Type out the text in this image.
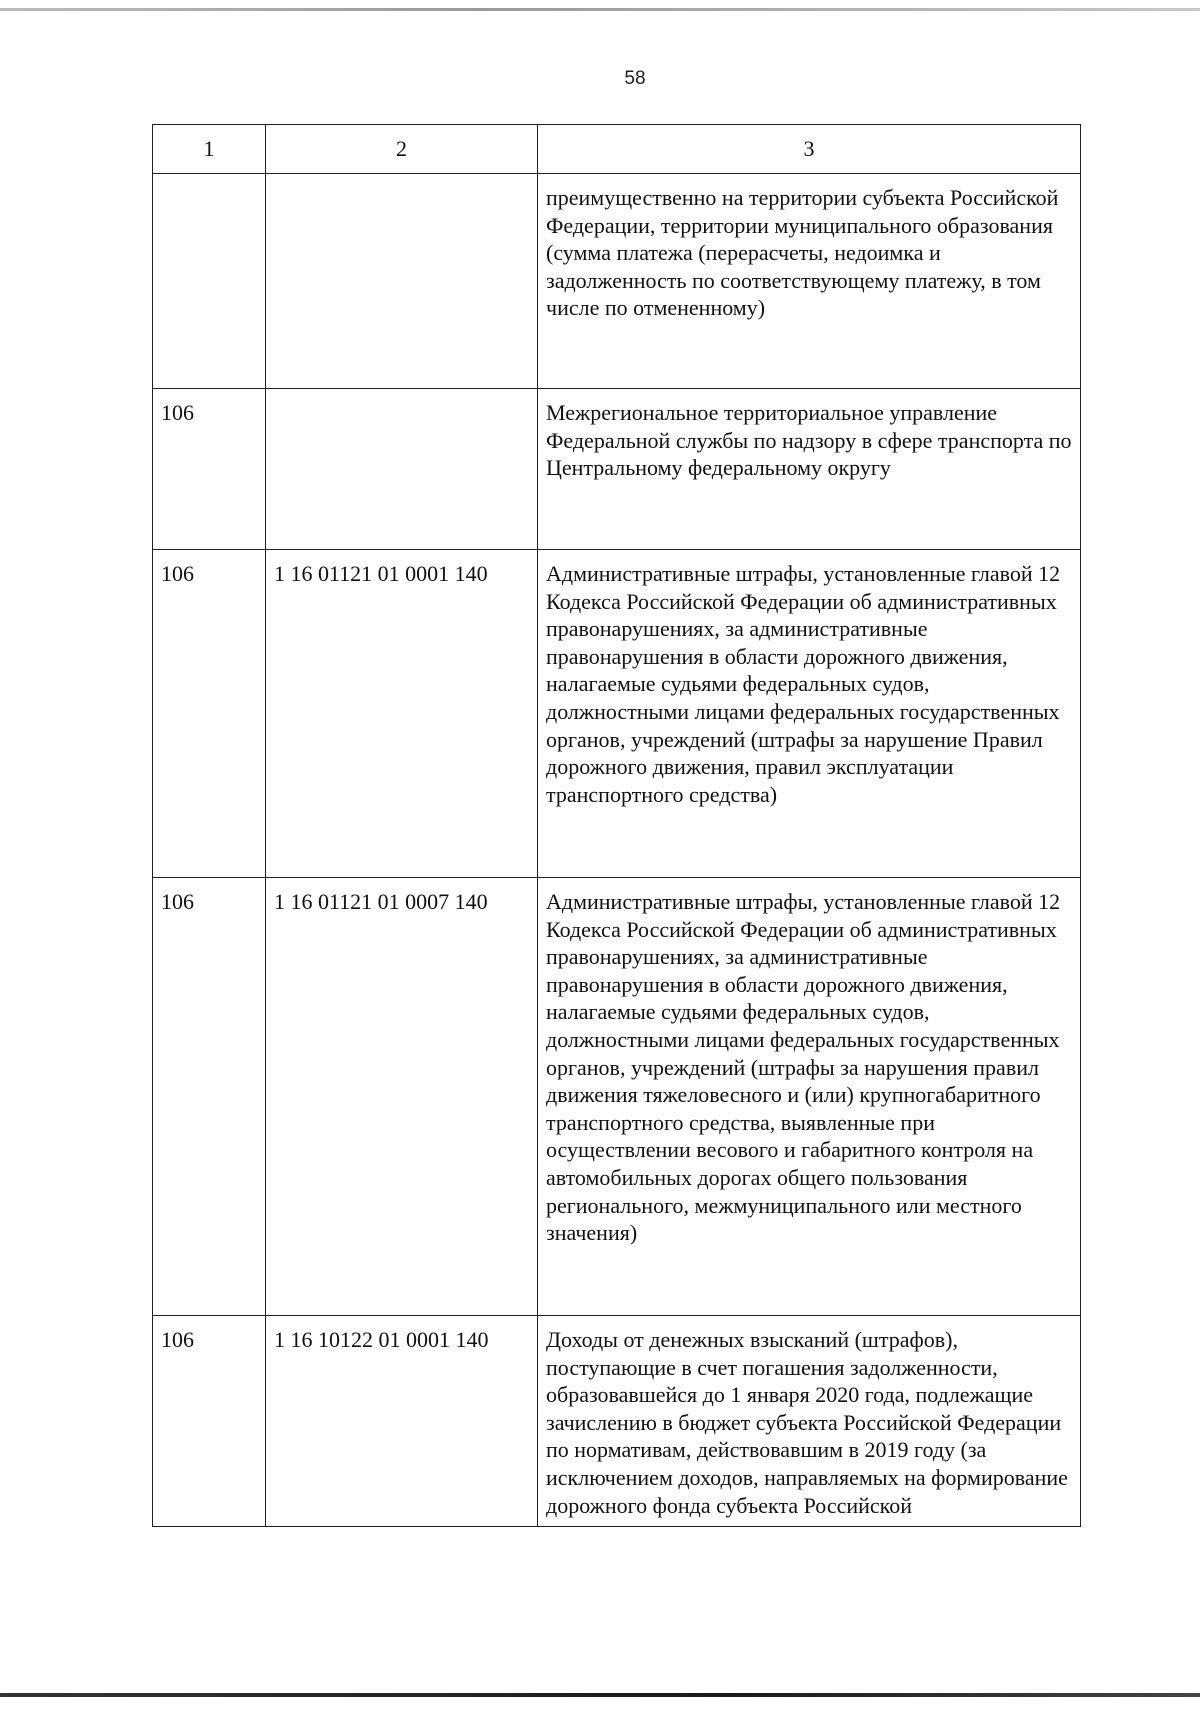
58
1	2	3

		преимущественно на территории субъекта Российской Федерации, территории муниципального образования (сумма платежа (перерасчеты, недоимка и задолженность по соответствующему платежу, в том числе по отмененному)

106		Межрегиональное территориальное управление Федеральной службы по надзору в сфере транспорта по Центральному федеральному округу

106	1 16 01121 01 0001 140	Административные штрафы, установленные главой 12 Кодекса Российской Федерации об административных правонарушениях, за административные правонарушения в области дорожного движения, налагаемые судьями федеральных судов, должностными лицами федеральных государственных органов, учреждений (штрафы за нарушение Правил дорожного движения, правил эксплуатации транспортного средства)

106	1 16 01121 01 0007 140	Административные штрафы, установленные главой 12 Кодекса Российской Федерации об административных правонарушениях, за административные правонарушения в области дорожного движения, налагаемые судьями федеральных судов, должностными лицами федеральных государственных органов, учреждений (штрафы за нарушения правил движения тяжеловесного и (или) крупногабаритного транспортного средства, выявленные при осуществлении весового и габаритного контроля на автомобильных дорогах общего пользования регионального, межмуниципального или местного значения)

106	1 16 10122 01 0001 140	Доходы от денежных взысканий (штрафов), поступающие в счет погашения задолженности, образовавшейся до 1 января 2020 года, подлежащие зачислению в бюджет субъекта Российской Федерации по нормативам, действовавшим в 2019 году (за исключением доходов, направляемых на формирование дорожного фонда субъекта Российской
